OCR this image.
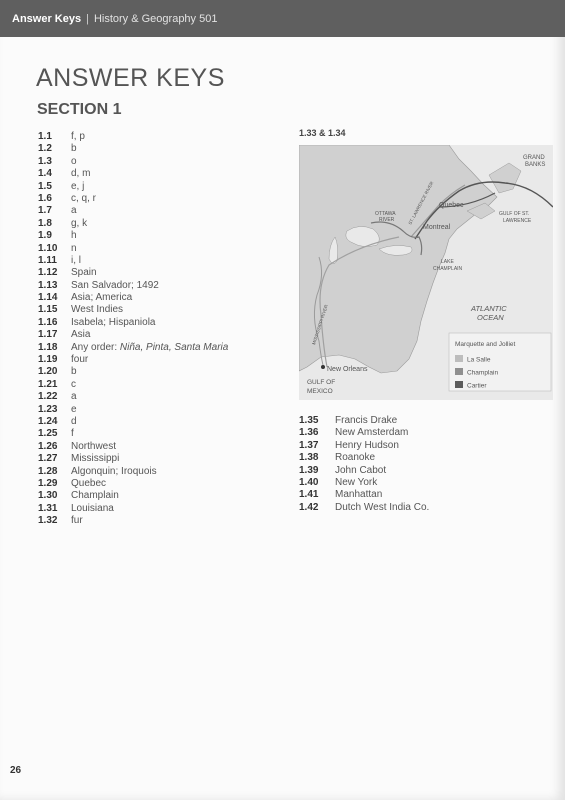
Answer Keys | History & Geography 501
ANSWER KEYS
SECTION 1
1.1 f, p
1.2 b
1.3 o
1.4 d, m
1.5 e, j
1.6 c, q, r
1.7 a
1.8 g, k
1.9 h
1.10 n
1.11 i, l
1.12 Spain
1.13 San Salvador; 1492
1.14 Asia; America
1.15 West Indies
1.16 Isabela; Hispaniola
1.17 Asia
1.18 Any order: Niña, Pinta, Santa Maria
1.19 four
1.20 b
1.21 c
1.22 a
1.23 e
1.24 d
1.25 f
1.26 Northwest
1.27 Mississippi
1.28 Algonquin; Iroquois
1.29 Quebec
1.30 Champlain
1.31 Louisiana
1.32 fur
1.33 & 1.34
GRAND
BANKS
ST. LAWRENCE RIVER Quebec
GULF OF ST.
LAWRENCE
OTTAWA
RIVER
Montreal
LAKE
CHAMPLAIN
MISSISSIPPI RIVER	ATLANTIC
OCEAN
New Orleans
GULF OF
MEXICO
Marquette and Jolliet
La Salle
Champlain
Cartier
1.35 Francis Drake
1.36 New Amsterdam
1.37 Henry Hudson
1.38 Roanoke
1.39 John Cabot
1.40 New York
1.41 Manhattan
1.42 Dutch West India Co.
26
